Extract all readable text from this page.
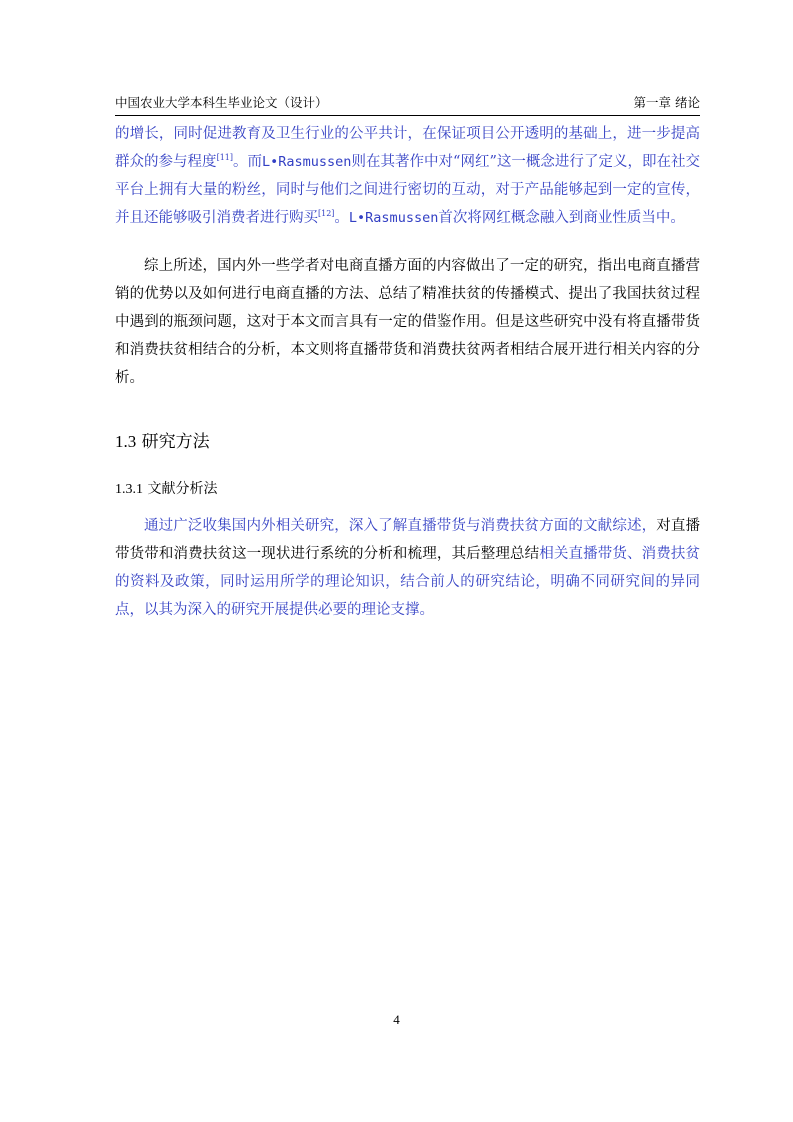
中国农业大学本科生毕业论文（设计）	第一章 绪论
的增长，同时促进教育及卫生行业的公平共计，在保证项目公开透明的基础上，进一步提高群众的参与程度[11]。而L•Rasmussen则在其著作中对“网红”这一概念进行了定义，即在社交平台上拥有大量的粉丝，同时与他们之间进行密切的互动，对于产品能够起到一定的宣传，并且还能够吸引消费者进行购买[12]。L•Rasmussen首次将网红概念融入到商业性质当中。
综上所述，国内外一些学者对电商直播方面的内容做出了一定的研究，指出电商直播营销的优势以及如何进行电商直播的方法、总结了精准扶贫的传播模式、提出了我国扶贫过程中遇到的瓶颈问题，这对于本文而言具有一定的借鉴作用。但是这些研究中没有将直播带货和消费扶贫相结合的分析，本文则将直播带货和消费扶贫两者相结合展开进行相关内容的分析。
1.3 研究方法
1.3.1 文献分析法
通过广泛收集国内外相关研究，深入了解直播带货与消费扶贫方面的文献综述，对直播带货带和消费扶贫这一现状进行系统的分析和梳理，其后整理总结相关直播带货、消费扶贫的资料及政策，同时运用所学的理论知识，结合前人的研究结论，明确不同研究间的异同点，以其为深入的研究开展提供必要的理论支撑。
4
